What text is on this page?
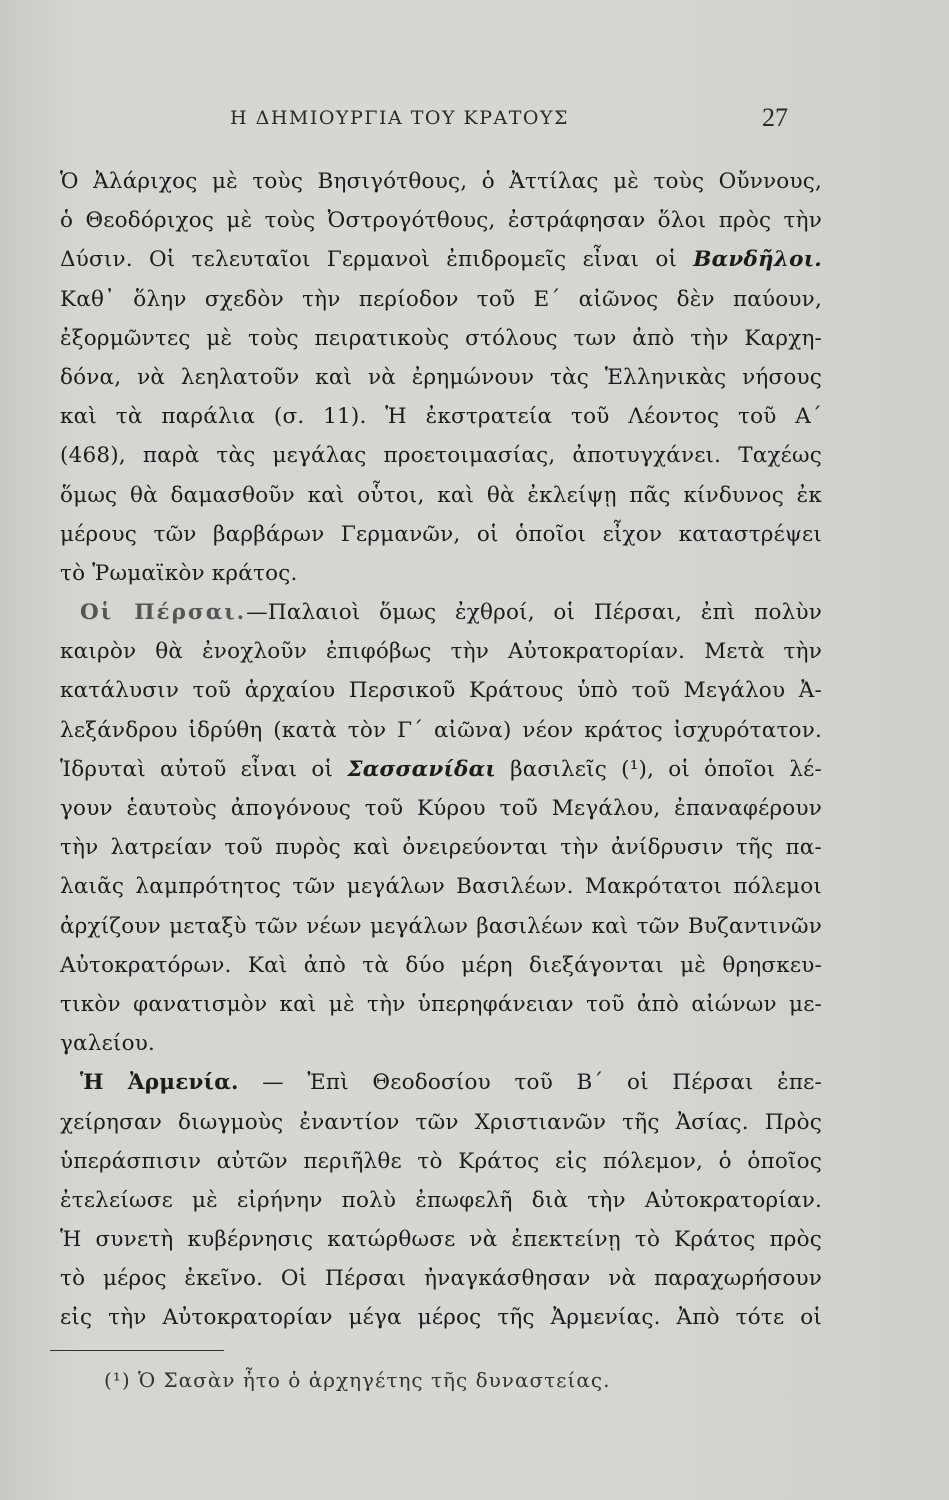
Η ΔΗΜΙΟΥΡΓΙΑ ΤΟΥ ΚΡΑΤΟΥΣ	27
Ὁ Ἀλάριχος μὲ τοὺς Βησιγότθους, ὁ Ἀττίλας μὲ τοὺς Οὔννους,
ὁ Θεοδόριχος μὲ τοὺς Ὀστρογότθους, ἐστράφησαν ὅλοι πρὸς τὴν
Δύσιν. Οἱ τελευταῖοι Γερμανοὶ ἐπιδρομεῖς εἶναι οἱ Βανδῆλοι.
Καθ᾽ ὅλην σχεδὸν τὴν περίοδον τοῦ Ε΄ αἰῶνος δὲν παύουν,
ἐξορμῶντες μὲ τοὺς πειρατικοὺς στόλους των ἀπὸ τὴν Καρχη-
δόνα, νὰ λεηλατοῦν καὶ νὰ ἐρημώνουν τὰς Ἑλληνικὰς νήσους
καὶ τὰ παράλια (σ. 11). Ἡ ἐκστρατεία τοῦ Λέοντος τοῦ Α΄
(468), παρὰ τὰς μεγάλας προετοιμασίας, ἀποτυγχάνει. Ταχέως
ὅμως θὰ δαμασθοῦν καὶ οὗτοι, καὶ θὰ ἐκλείψῃ πᾶς κίνδυνος ἐκ
μέρους τῶν βαρβάρων Γερμανῶν, οἱ ὁποῖοι εἶχον καταστρέψει
τὸ Ῥωμαϊκὸν κράτος.
Οἱ Πέρσαι.—Παλαιοὶ ὅμως ἐχθροί, οἱ Πέρσαι, ἐπὶ πολὺν
καιρὸν θὰ ἐνοχλοῦν ἐπιφόβως τὴν Αὐτοκρατορίαν. Μετὰ τὴν
κατάλυσιν τοῦ ἀρχαίου Περσικοῦ Κράτους ὑπὸ τοῦ Μεγάλου Ἀ-
λεξάνδρου ἱδρύθη (κατὰ τὸν Γ΄ αἰῶνα) νέον κράτος ἰσχυρότατον.
Ἱδρυταὶ αὐτοῦ εἶναι οἱ Σασσανίδαι βασιλεῖς (¹), οἱ ὁποῖοι λέ-
γουν ἑαυτοὺς ἀπογόνους τοῦ Κύρου τοῦ Μεγάλου, ἐπαναφέρουν
τὴν λατρείαν τοῦ πυρὸς καὶ ὀνειρεύονται τὴν ἀνίδρυσιν τῆς πα-
λαιᾶς λαμπρότητος τῶν μεγάλων Βασιλέων. Μακρότατοι πόλεμοι
ἀρχίζουν μεταξὺ τῶν νέων μεγάλων βασιλέων καὶ τῶν Βυζαντινῶν
Αὐτοκρατόρων. Καὶ ἀπὸ τὰ δύο μέρη διεξάγονται μὲ θρησκευ-
τικὸν φανατισμὸν καὶ μὲ τὴν ὑπερηφάνειαν τοῦ ἀπὸ αἰώνων με-
γαλείου.
Ἡ Ἀρμενία. — Ἐπὶ Θεοδοσίου τοῦ Β΄ οἱ Πέρσαι ἐπε-
χείρησαν διωγμοὺς ἐναντίον τῶν Χριστιανῶν τῆς Ἀσίας. Πρὸς
ὑπεράσπισιν αὐτῶν περιῆλθε τὸ Κράτος εἰς πόλεμον, ὁ ὁποῖος
ἐτελείωσε μὲ εἰρήνην πολὺ ἐπωφελῆ διὰ τὴν Αὐτοκρατορίαν.
Ἡ συνετὴ κυβέρνησις κατώρθωσε νὰ ἐπεκτείνῃ τὸ Κράτος πρὸς
τὸ μέρος ἐκεῖνο. Οἱ Πέρσαι ἠναγκάσθησαν νὰ παραχωρήσουν
εἰς τὴν Αὐτοκρατορίαν μέγα μέρος τῆς Ἀρμενίας. Ἀπὸ τότε οἱ
(¹) Ὁ Σασὰν ἦτο ὁ ἀρχηγέτης τῆς δυναστείας.
